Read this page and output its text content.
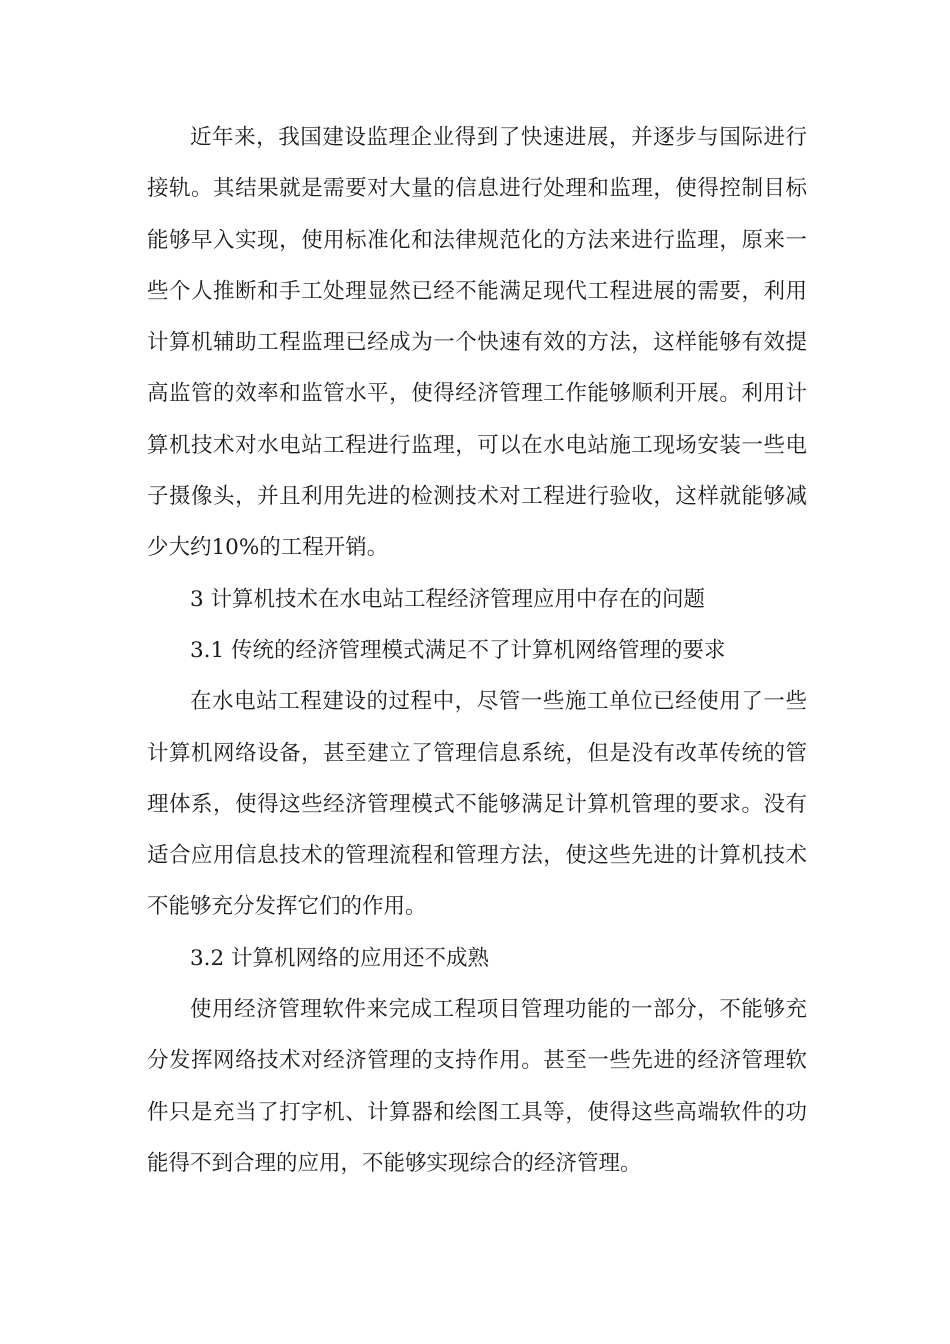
近年来，我国建设监理企业得到了快速进展，并逐步与国际进行接轨。其结果就是需要对大量的信息进行处理和监理，使得控制目标能够早入实现，使用标准化和法律规范化的方法来进行监理，原来一些个人推断和手工处理显然已经不能满足现代工程进展的需要，利用计算机辅助工程监理已经成为一个快速有效的方法，这样能够有效提高监管的效率和监管水平，使得经济管理工作能够顺利开展。利用计算机技术对水电站工程进行监理，可以在水电站施工现场安装一些电子摄像头，并且利用先进的检测技术对工程进行验收，这样就能够减少大约10%的工程开销。

3 计算机技术在水电站工程经济管理应用中存在的问题

3.1 传统的经济管理模式满足不了计算机网络管理的要求

在水电站工程建设的过程中，尽管一些施工单位已经使用了一些计算机网络设备，甚至建立了管理信息系统，但是没有改革传统的管理体系，使得这些经济管理模式不能够满足计算机管理的要求。没有适合应用信息技术的管理流程和管理方法，使这些先进的计算机技术不能够充分发挥它们的作用。

3.2 计算机网络的应用还不成熟

使用经济管理软件来完成工程项目管理功能的一部分，不能够充分发挥网络技术对经济管理的支持作用。甚至一些先进的经济管理软件只是充当了打字机、计算器和绘图工具等，使得这些高端软件的功能得不到合理的应用，不能够实现综合的经济管理。
